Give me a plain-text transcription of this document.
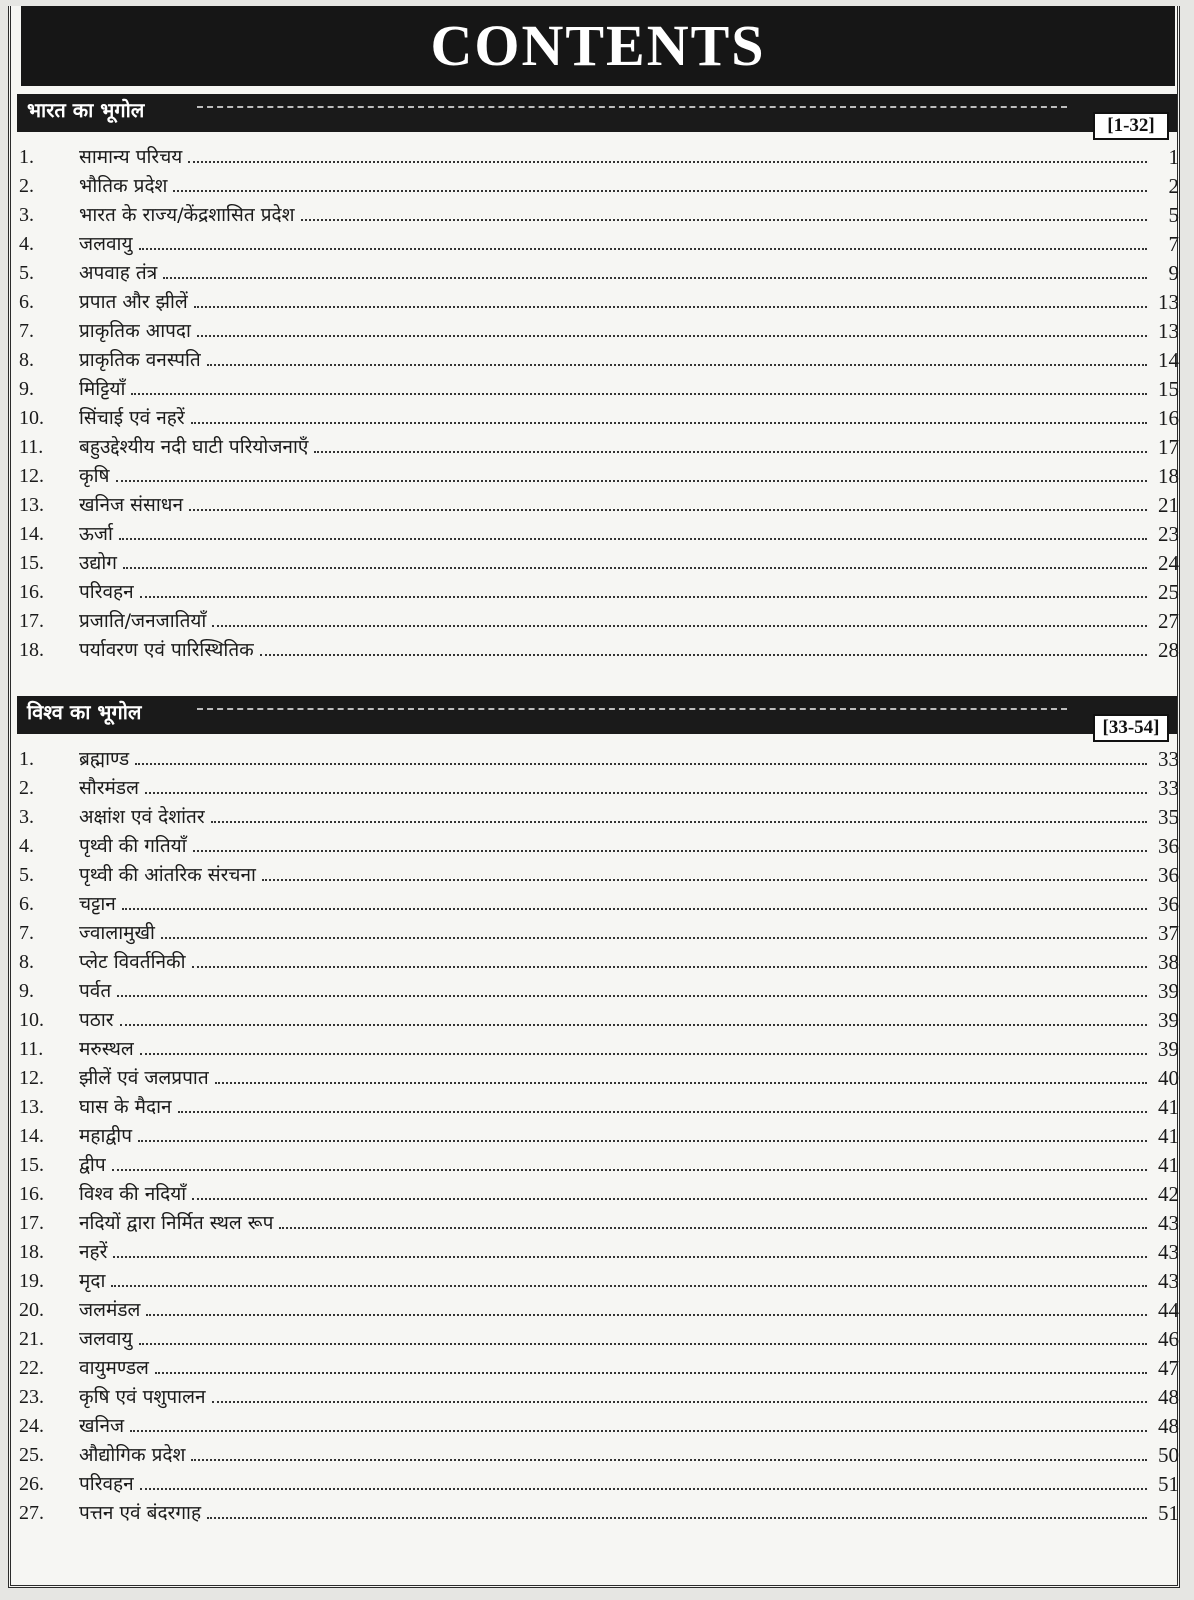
CONTENTS
भारत का भूगोल
[1-32]
1.	सामान्य परिचय	1
2.	भौतिक प्रदेश	2
3.	भारत के राज्य/केंद्रशासित प्रदेश	5
4.	जलवायु	7
5.	अपवाह तंत्र	9
6.	प्रपात और झीलें	13
7.	प्राकृतिक आपदा	13
8.	प्राकृतिक वनस्पति	14
9.	मिट्टियाँ	15
10.	सिंचाई एवं नहरें	16
11.	बहुउद्देश्यीय नदी घाटी परियोजनाएँ	17
12.	कृषि	18
13.	खनिज संसाधन	21
14.	ऊर्जा	23
15.	उद्योग	24
16.	परिवहन	25
17.	प्रजाति/जनजातियाँ	27
18.	पर्यावरण एवं पारिस्थितिक	28
विश्व का भूगोल
[33-54]
1.	ब्रह्माण्ड	33
2.	सौरमंडल	33
3.	अक्षांश एवं देशांतर	35
4.	पृथ्वी की गतियाँ	36
5.	पृथ्वी की आंतरिक संरचना	36
6.	चट्टान	36
7.	ज्वालामुखी	37
8.	प्लेट विवर्तनिकी	38
9.	पर्वत	39
10.	पठार	39
11.	मरुस्थल	39
12.	झीलें एवं जलप्रपात	40
13.	घास के मैदान	41
14.	महाद्वीप	41
15.	द्वीप	41
16.	विश्व की नदियाँ	42
17.	नदियों द्वारा निर्मित स्थल रूप	43
18.	नहरें	43
19.	मृदा	43
20.	जलमंडल	44
21.	जलवायु	46
22.	वायुमण्डल	47
23.	कृषि एवं पशुपालन	48
24.	खनिज	48
25.	औद्योगिक प्रदेश	50
26.	परिवहन	51
27.	पत्तन एवं बंदरगाह	51
